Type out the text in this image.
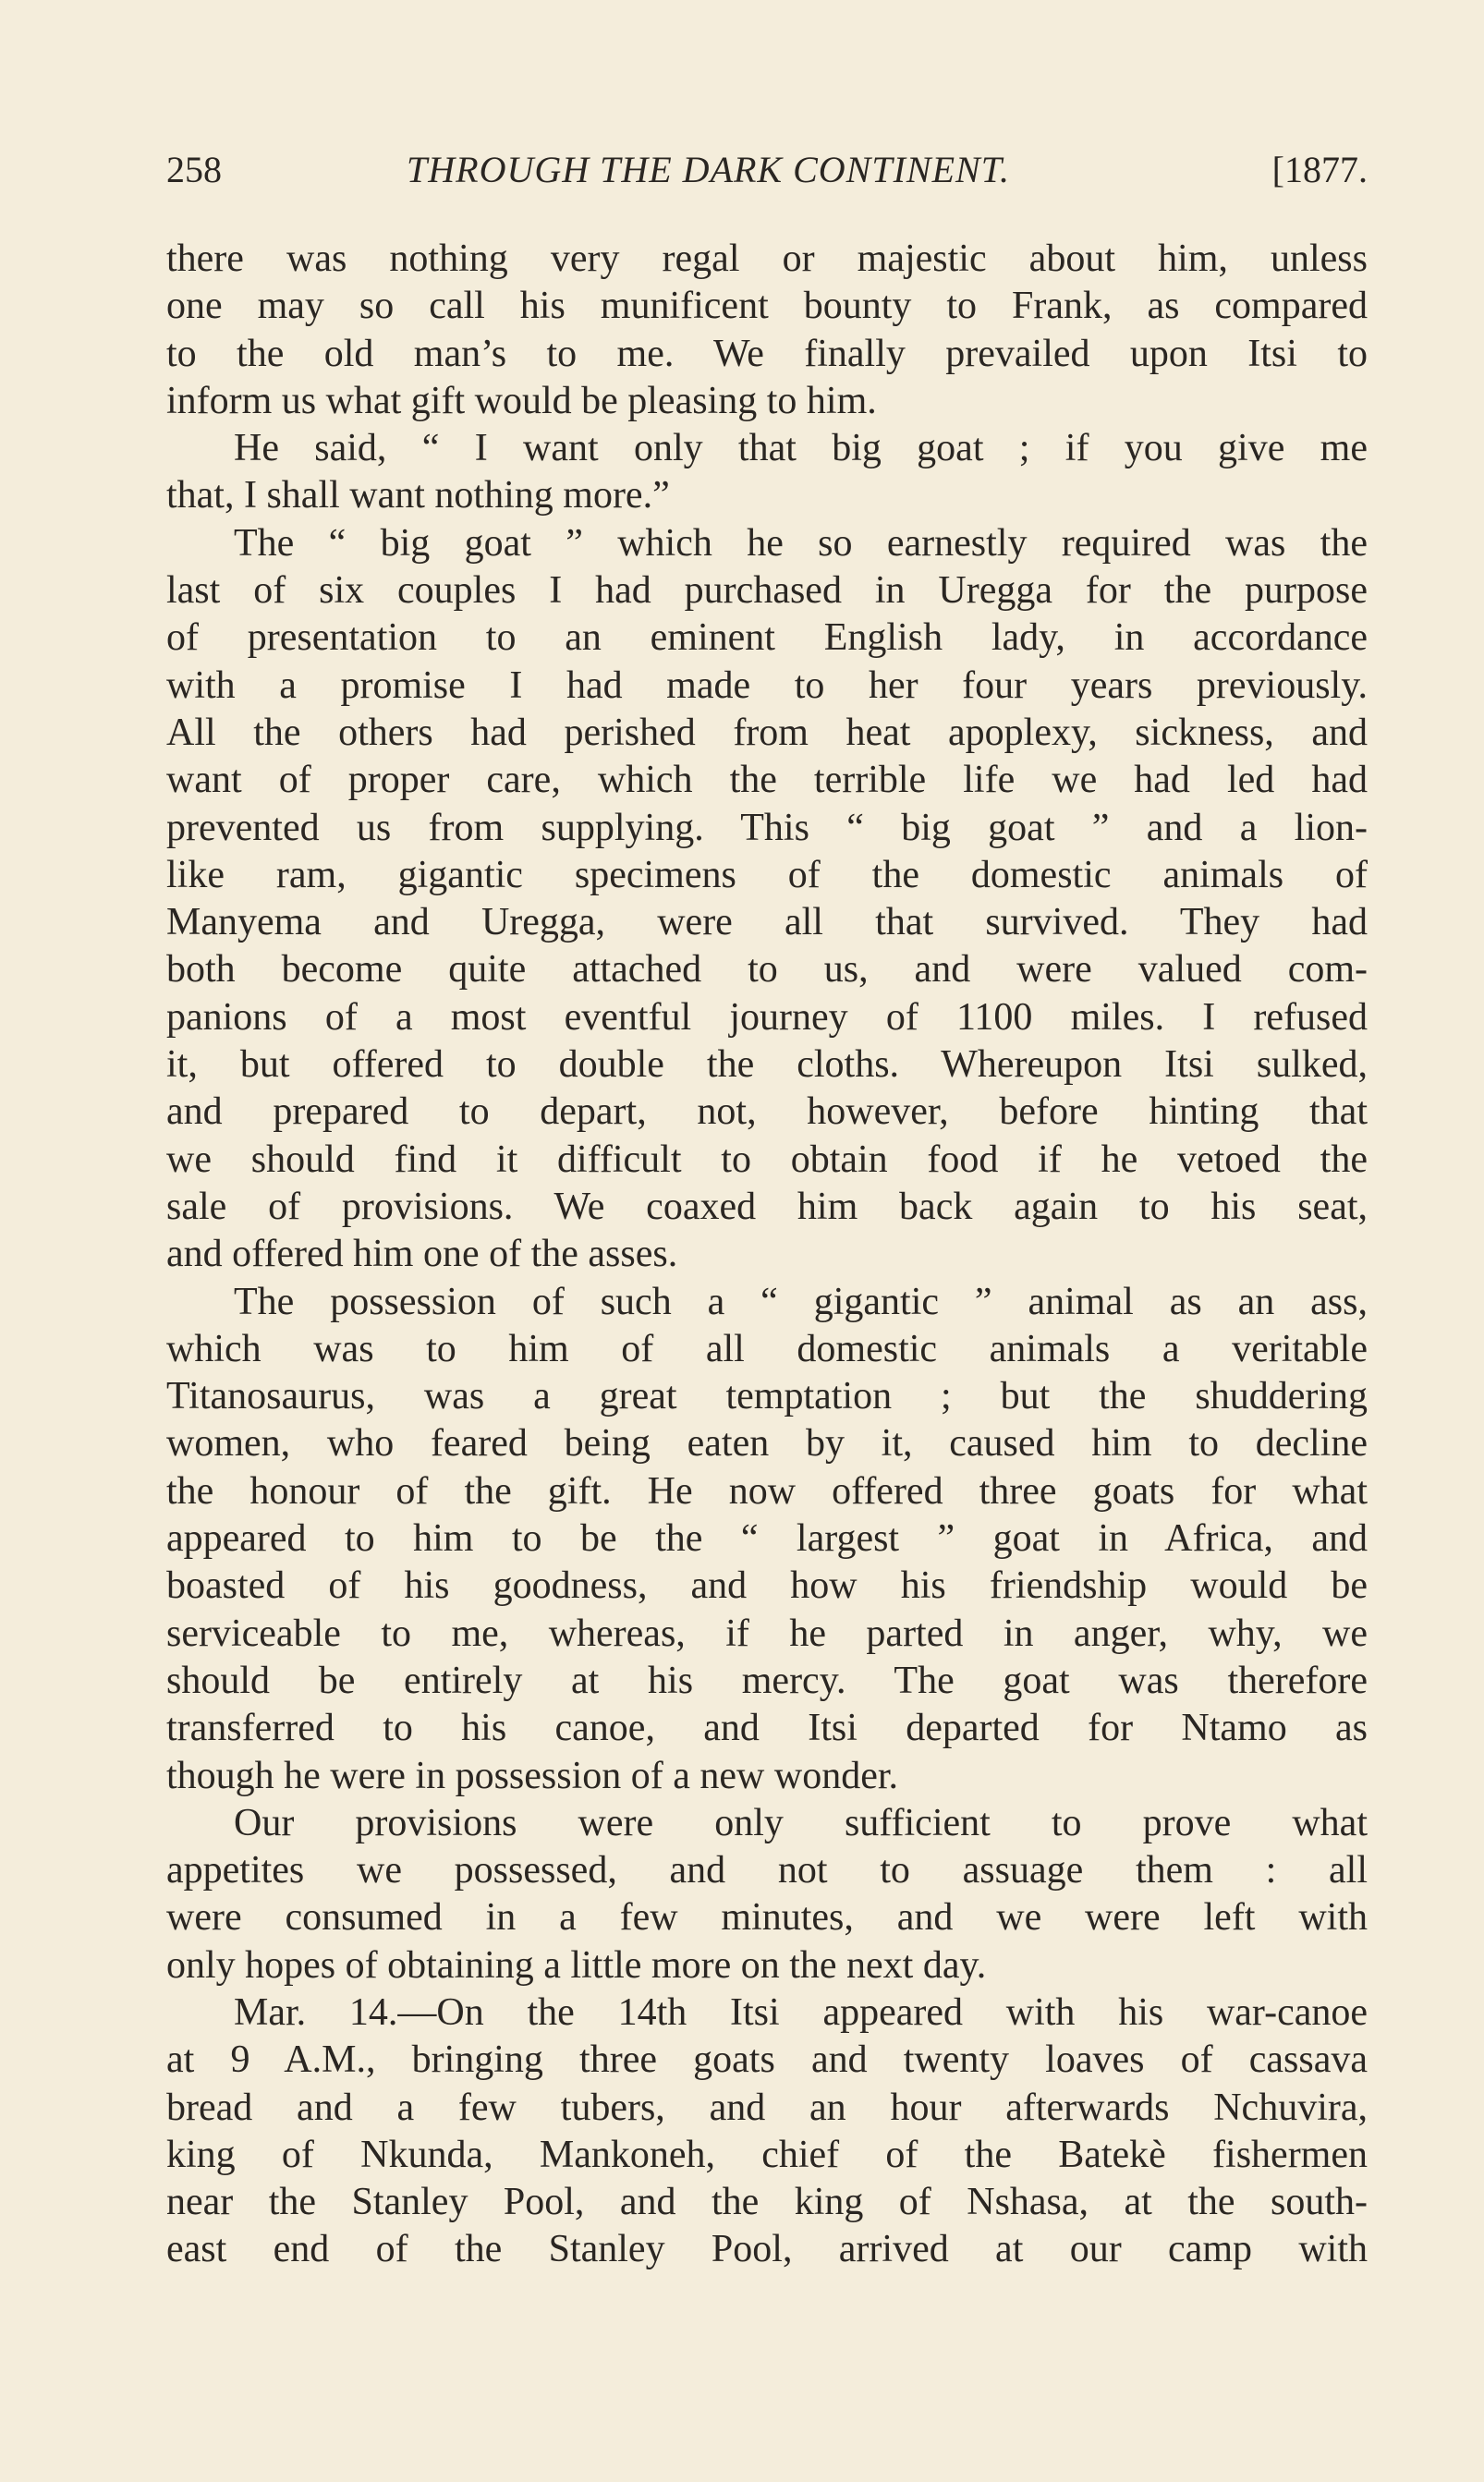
258	THROUGH THE DARK CONTINENT.	[1877.
there was nothing very regal or majestic about him, unless
one may so call his munificent bounty to Frank, as compared
to the old man’s to me. We finally prevailed upon Itsi to
inform us what gift would be pleasing to him.
He said, “ I want only that big goat ; if you give me
that, I shall want nothing more.”
The “ big goat ” which he so earnestly required was the
last of six couples I had purchased in Uregga for the purpose
of presentation to an eminent English lady, in accordance
with a promise I had made to her four years previously.
All the others had perished from heat apoplexy, sickness, and
want of proper care, which the terrible life we had led had
prevented us from supplying. This “ big goat ” and a lion-
like ram, gigantic specimens of the domestic animals of
Manyema and Uregga, were all that survived. They had
both become quite attached to us, and were valued com-
panions of a most eventful journey of 1100 miles. I refused
it, but offered to double the cloths. Whereupon Itsi sulked,
and prepared to depart, not, however, before hinting that
we should find it difficult to obtain food if he vetoed the
sale of provisions. We coaxed him back again to his seat,
and offered him one of the asses.
The possession of such a “ gigantic ” animal as an ass,
which was to him of all domestic animals a veritable
Titanosaurus, was a great temptation ; but the shuddering
women, who feared being eaten by it, caused him to decline
the honour of the gift. He now offered three goats for what
appeared to him to be the “ largest ” goat in Africa, and
boasted of his goodness, and how his friendship would be
serviceable to me, whereas, if he parted in anger, why, we
should be entirely at his mercy. The goat was therefore
transferred to his canoe, and Itsi departed for Ntamo as
though he were in possession of a new wonder.
Our provisions were only sufficient to prove what
appetites we possessed, and not to assuage them : all
were consumed in a few minutes, and we were left with
only hopes of obtaining a little more on the next day.
Mar. 14.—On the 14th Itsi appeared with his war-canoe
at 9 A.M., bringing three goats and twenty loaves of cassava
bread and a few tubers, and an hour afterwards Nchuvira,
king of Nkunda, Mankoneh, chief of the Batekè fishermen
near the Stanley Pool, and the king of Nshasa, at the south-
east end of the Stanley Pool, arrived at our camp with
